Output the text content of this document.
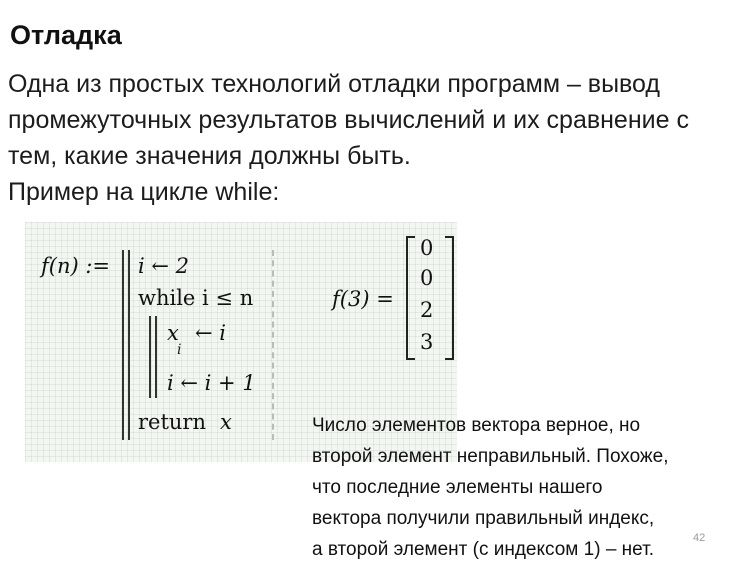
Отладка
Одна из простых технологий отладки программ – вывод
промежуточных результатов вычислений и их сравнение с
тем, какие значения должны быть.
Пример на цикле while:
f(n) := i ← 2
while i ≤ n
x
i
← i
i ← i + 1
return x
f(3) =
0
0
2
3
Число элементов вектора верное, но
второй элемент неправильный. Похоже,
что последние элементы нашего
вектора получили правильный индекс,
а второй элемент (с индексом 1) – нет.
42
